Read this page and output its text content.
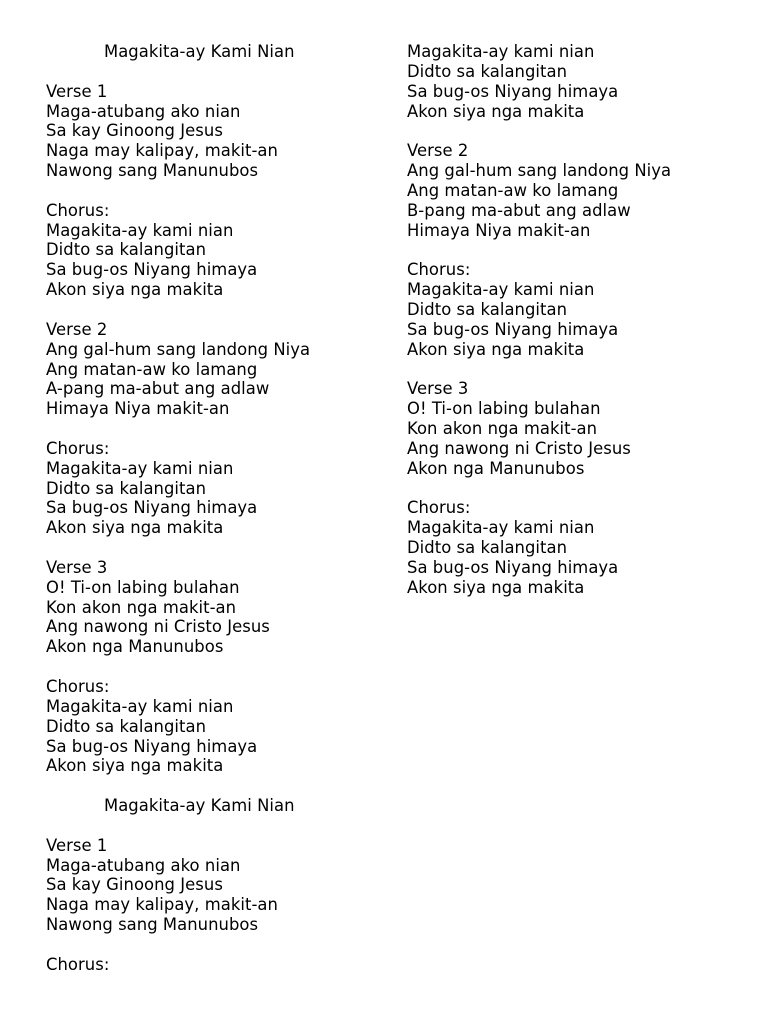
Magakita-ay Kami Nian
Verse 1
Maga-atubang ako nian
Sa kay Ginoong Jesus
Naga may kalipay, makit-an
Nawong sang Manunubos
Chorus:
Magakita-ay kami nian
Didto sa kalangitan
Sa bug-os Niyang himaya
Akon siya nga makita
Verse 2
Ang gal-hum sang landong Niya
Ang matan-aw ko lamang
A-pang ma-abut ang adlaw
Himaya Niya makit-an
Chorus:
Magakita-ay kami nian
Didto sa kalangitan
Sa bug-os Niyang himaya
Akon siya nga makita
Verse 3
O! Ti-on labing bulahan
Kon akon nga makit-an
Ang nawong ni Cristo Jesus
Akon nga Manunubos
Chorus:
Magakita-ay kami nian
Didto sa kalangitan
Sa bug-os Niyang himaya
Akon siya nga makita
Magakita-ay Kami Nian
Verse 1
Maga-atubang ako nian
Sa kay Ginoong Jesus
Naga may kalipay, makit-an
Nawong sang Manunubos
Chorus:
Magakita-ay kami nian
Didto sa kalangitan
Sa bug-os Niyang himaya
Akon siya nga makita
Verse 2
Ang gal-hum sang landong Niya
Ang matan-aw ko lamang
B-pang ma-abut ang adlaw
Himaya Niya makit-an
Chorus:
Magakita-ay kami nian
Didto sa kalangitan
Sa bug-os Niyang himaya
Akon siya nga makita
Verse 3
O! Ti-on labing bulahan
Kon akon nga makit-an
Ang nawong ni Cristo Jesus
Akon nga Manunubos
Chorus:
Magakita-ay kami nian
Didto sa kalangitan
Sa bug-os Niyang himaya
Akon siya nga makita
